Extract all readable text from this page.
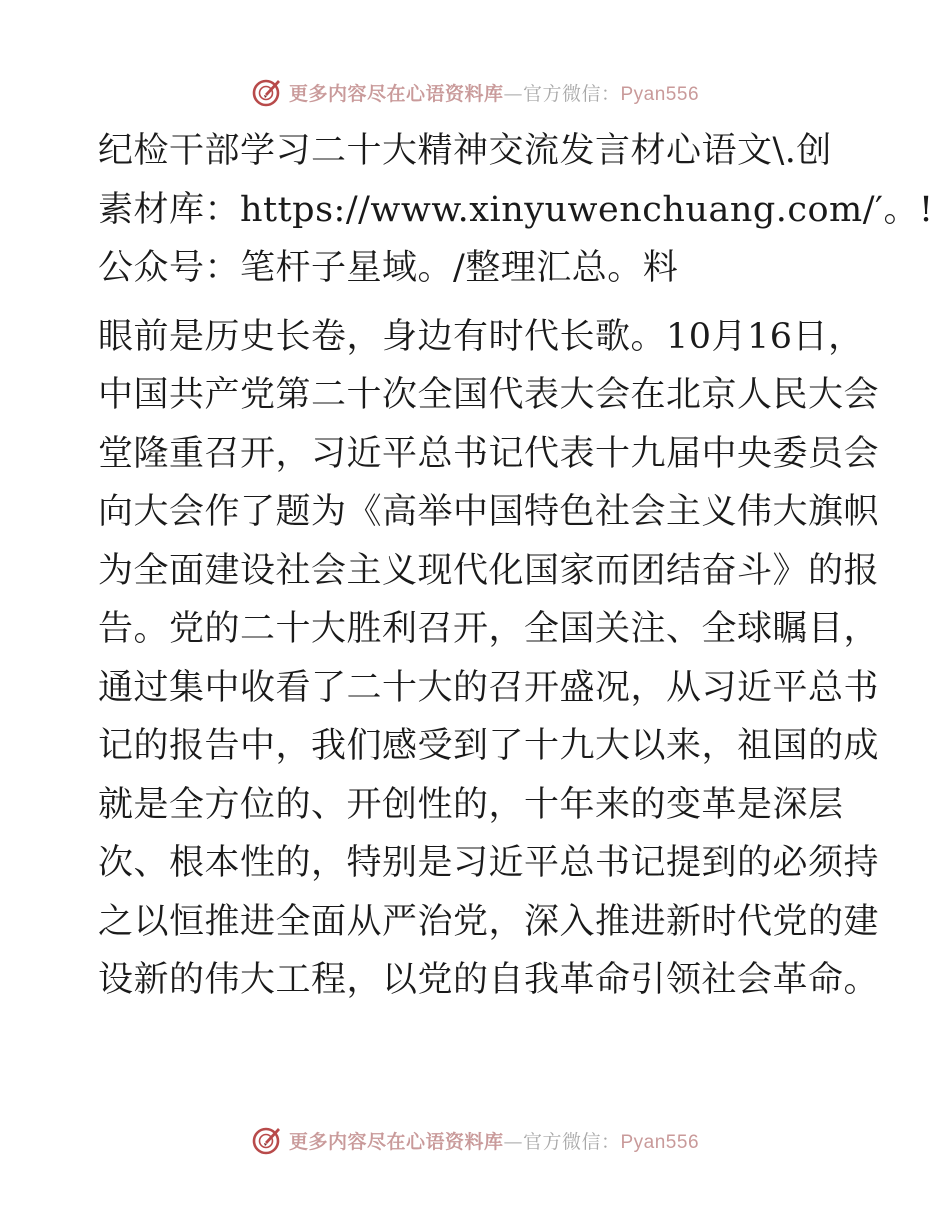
更多内容尽在心语资料库—官方微信：Pyan556

纪检干部学习二十大精神交流发言材心语文\.创
素材库：https://www.xinyuwenchuang.com/′。!
公众号：笔杆子星域。/整理汇总。料

眼前是历史长卷，身边有时代长歌。10月16日，
中国共产党第二十次全国代表大会在北京人民大会
堂隆重召开，习近平总书记代表十九届中央委员会
向大会作了题为《高举中国特色社会主义伟大旗帜
为全面建设社会主义现代化国家而团结奋斗》的报
告。党的二十大胜利召开，全国关注、全球瞩目，
通过集中收看了二十大的召开盛况，从习近平总书
记的报告中，我们感受到了十九大以来，祖国的成
就是全方位的、开创性的，十年来的变革是深层
次、根本性的，特别是习近平总书记提到的必须持
之以恒推进全面从严治党，深入推进新时代党的建
设新的伟大工程，以党的自我革命引领社会革命。

更多内容尽在心语资料库—官方微信：Pyan556
